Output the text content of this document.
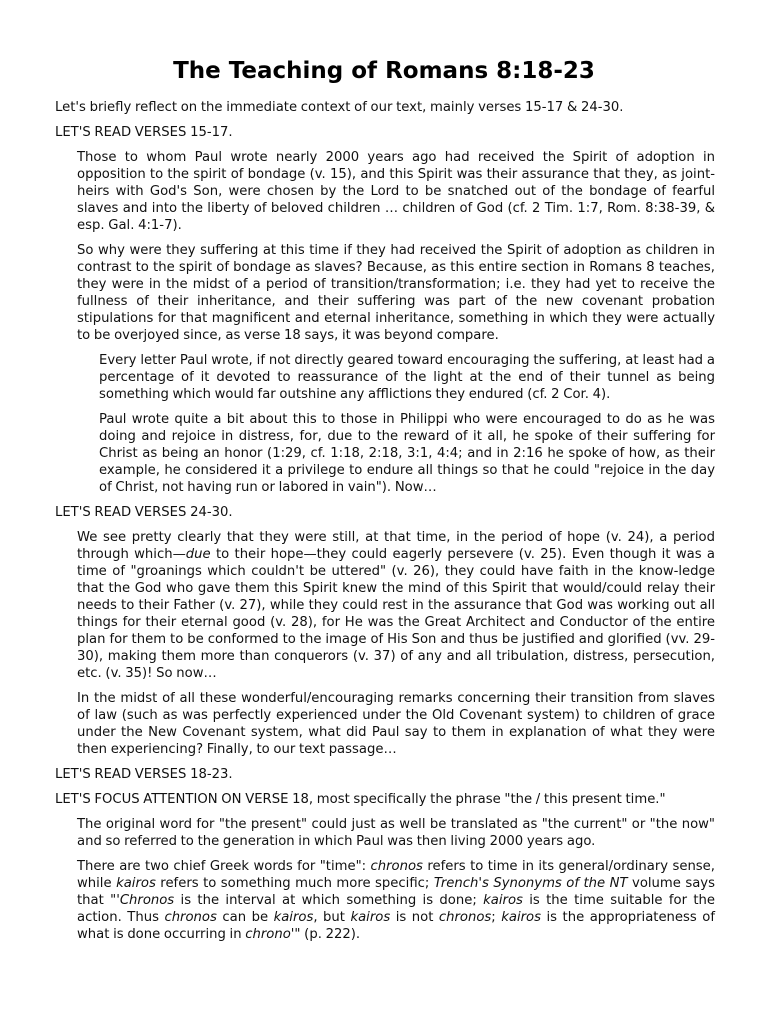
The Teaching of Romans 8:18-23

Let's briefly reflect on the immediate context of our text, mainly verses 15-17 & 24-30.

LET'S READ VERSES 15-17.

Those to whom Paul wrote nearly 2000 years ago had received the Spirit of adoption in opposition to the spirit of bondage (v. 15), and this Spirit was their assurance that they, as joint-heirs with God's Son, were chosen by the Lord to be snatched out of the bondage of fearful slaves and into the liberty of beloved children … children of God (cf. 2 Tim. 1:7, Rom. 8:38-39, & esp. Gal. 4:1-7).

So why were they suffering at this time if they had received the Spirit of adoption as children in contrast to the spirit of bondage as slaves? Because, as this entire section in Romans 8 teaches, they were in the midst of a period of transition/transformation; i.e. they had yet to receive the fullness of their inheritance, and their suffering was part of the new covenant probation stipulations for that magnificent and eternal inheritance, something in which they were actually to be overjoyed since, as verse 18 says, it was beyond compare.

Every letter Paul wrote, if not directly geared toward encouraging the suffering, at least had a percentage of it devoted to reassurance of the light at the end of their tunnel as being something which would far outshine any afflictions they endured (cf. 2 Cor. 4).

Paul wrote quite a bit about this to those in Philippi who were encouraged to do as he was doing and rejoice in distress, for, due to the reward of it all, he spoke of their suffering for Christ as being an honor (1:29, cf. 1:18, 2:18, 3:1, 4:4; and in 2:16 he spoke of how, as their example, he considered it a privilege to endure all things so that he could "rejoice in the day of Christ, not having run or labored in vain"). Now…

LET'S READ VERSES 24-30.

We see pretty clearly that they were still, at that time, in the period of hope (v. 24), a period through which—due to their hope—they could eagerly persevere (v. 25). Even though it was a time of "groanings which couldn't be uttered" (v. 26), they could have faith in the know-ledge that the God who gave them this Spirit knew the mind of this Spirit that would/could relay their needs to their Father (v. 27), while they could rest in the assurance that God was working out all things for their eternal good (v. 28), for He was the Great Architect and Conductor of the entire plan for them to be conformed to the image of His Son and thus be justified and glorified (vv. 29-30), making them more than conquerors (v. 37) of any and all tribulation, distress, persecution, etc. (v. 35)! So now…

In the midst of all these wonderful/encouraging remarks concerning their transition from slaves of law (such as was perfectly experienced under the Old Covenant system) to children of grace under the New Covenant system, what did Paul say to them in explanation of what they were then experiencing? Finally, to our text passage…

LET'S READ VERSES 18-23.

LET'S FOCUS ATTENTION ON VERSE 18, most specifically the phrase "the / this present time."

The original word for "the present" could just as well be translated as "the current" or "the now" and so referred to the generation in which Paul was then living 2000 years ago.

There are two chief Greek words for "time": chronos refers to time in its general/ordinary sense, while kairos refers to something much more specific; Trench's Synonyms of the NT volume says that "'Chronos is the interval at which something is done; kairos is the time suitable for the action. Thus chronos can be kairos, but kairos is not chronos; kairos is the appropriateness of what is done occurring in chrono'" (p. 222).
